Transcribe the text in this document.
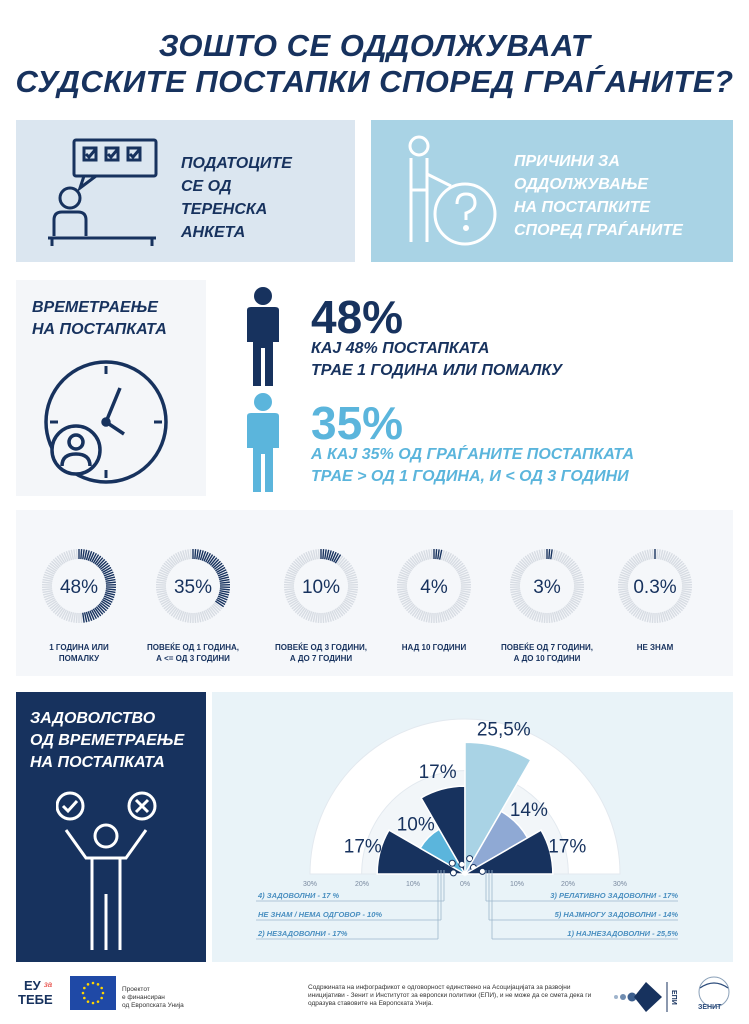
ЗОШТО СЕ ОДДОЛЖУВААТ
СУДСКИТЕ ПОСТАПКИ СПОРЕД ГРАЃАНИТЕ?
ПОДАТОЦИТЕ
СЕ ОД
ТЕРЕНСКА
АНКЕТА
ПРИЧИНИ ЗА
ОДДОЛЖУВАЊЕ
НА ПОСТАПКИТЕ
СПОРЕД ГРАЃАНИТЕ
ВРЕМЕТРАЕЊЕ
НА ПОСТАПКАТА	48%
КАЈ 48% ПОСТАПКАТА
ТРАЕ 1 ГОДИНА ИЛИ ПОМАЛКУ
35%
А КАЈ 35% ОД ГРАЃАНИТЕ ПОСТАПКАТА
ТРАЕ > ОД 1 ГОДИНА, И < ОД 3 ГОДИНИ
48%
1 ГОДИНА ИЛИ
ПОМАЛКУ
35%
ПОВЕЌЕ ОД 1 ГОДИНА,
А <= ОД 3 ГОДИНИ
10%
ПОВЕЌЕ ОД 3 ГОДИНИ,
А ДО 7 ГОДИНИ
4%
НАД 10 ГОДИНИ
3%
ПОВЕЌЕ ОД 7 ГОДИНИ,
А ДО 10 ГОДИНИ
0.3%
НЕ ЗНАМ
ЗАДОВОЛСТВО
ОД ВРЕМЕТРАЕЊЕ
НА ПОСТАПКАТА
17%
10%
17%
25,5%
14%
17%
30%	20%	10%	0%	10%	20%	30%
4) ЗАДОВОЛНИ - 17 %
НЕ ЗНАМ / НЕМА ОДГОВОР - 10%
2) НЕЗАДОВОЛНИ - 17%
3) РЕЛАТИВНО ЗАДОВОЛНИ - 17%
5) НАЈМНОГУ ЗАДОВОЛНИ - 14%
1) НАЈНЕЗАДОВОЛНИ - 25,5%
ЕУ за
ТЕБЕ
Проектот
е финансиран
од Европската Унија
Содржината на инфографикот е одговорност единствено на Асоцијацијата за развојни
иницијативи - Зенит и Институтот за европски политики (ЕПИ), и не може да се смета дека ги
одразува ставовите на Европската Унија.	ЕПИ
ЗЕНИТ
